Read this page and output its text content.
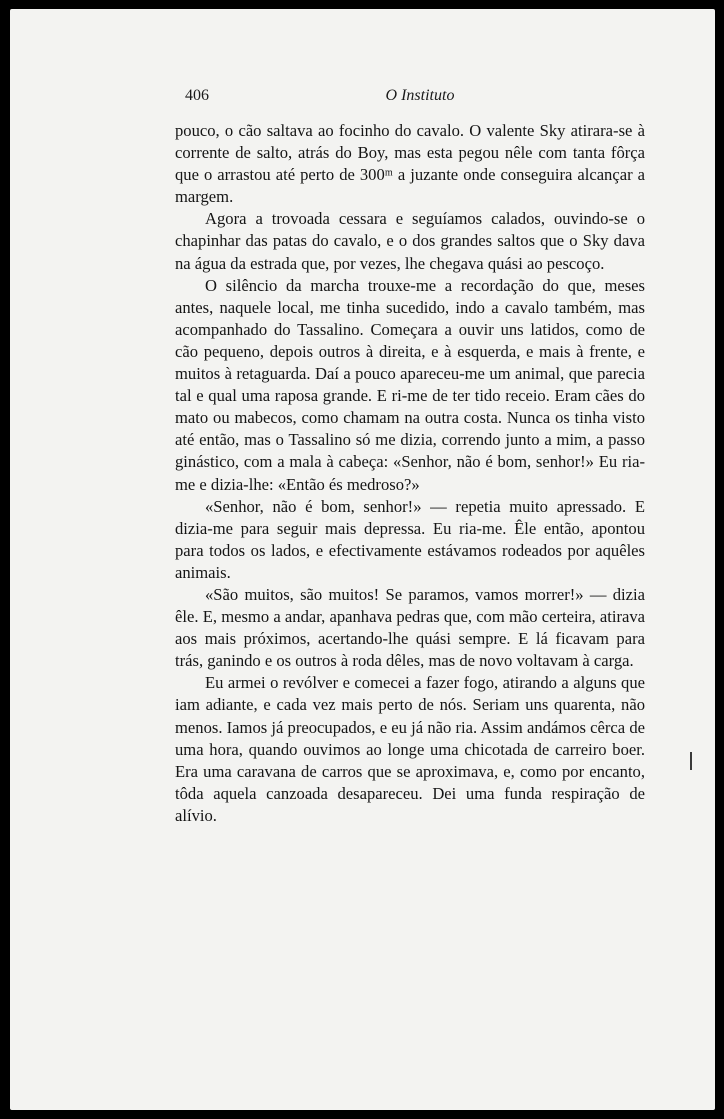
406	O Instituto

pouco, o cão saltava ao focinho do cavalo. O valente Sky atirara-se à corrente de salto, atrás do Boy, mas esta pegou nêle com tanta fôrça que o arrastou até perto de 300ᵐ a juzante onde conseguira alcançar a margem.

Agora a trovoada cessara e seguíamos calados, ouvindo-se o chapinhar das patas do cavalo, e o dos grandes saltos que o Sky dava na água da estrada que, por vezes, lhe chegava quási ao pescoço.

O silêncio da marcha trouxe-me a recordação do que, meses antes, naquele local, me tinha sucedido, indo a cavalo também, mas acompanhado do Tassalino. Começara a ouvir uns latidos, como de cão pequeno, depois outros à direita, e à esquerda, e mais à frente, e muitos à retaguarda. Daí a pouco apareceu-me um animal, que parecia tal e qual uma raposa grande. E ri-me de ter tido receio. Eram cães do mato ou mabecos, como chamam na outra costa. Nunca os tinha visto até então, mas o Tassalino só me dizia, correndo junto a mim, a passo ginástico, com a mala à cabeça: «Senhor, não é bom, senhor!» Eu ria-me e dizia-lhe: «Então és medroso?»

«Senhor, não é bom, senhor!» — repetia muito apressado. E dizia-me para seguir mais depressa. Eu ria-me. Êle então, apontou para todos os lados, e efectivamente estávamos rodeados por aquêles animais.

«São muitos, são muitos! Se paramos, vamos morrer!» — dizia êle. E, mesmo a andar, apanhava pedras que, com mão certeira, atirava aos mais próximos, acertando-lhe quási sempre. E lá ficavam para trás, ganindo e os outros à roda dêles, mas de novo voltavam à carga.

Eu armei o revólver e comecei a fazer fogo, atirando a alguns que iam adiante, e cada vez mais perto de nós. Seriam uns quarenta, não menos. Iamos já preocupados, e eu já não ria. Assim andámos cêrca de uma hora, quando ouvimos ao longe uma chicotada de carreiro boer. Era uma caravana de carros que se aproximava, e, como por encanto, tôda aquela canzoada desapareceu. Dei uma funda respiração de alívio.
